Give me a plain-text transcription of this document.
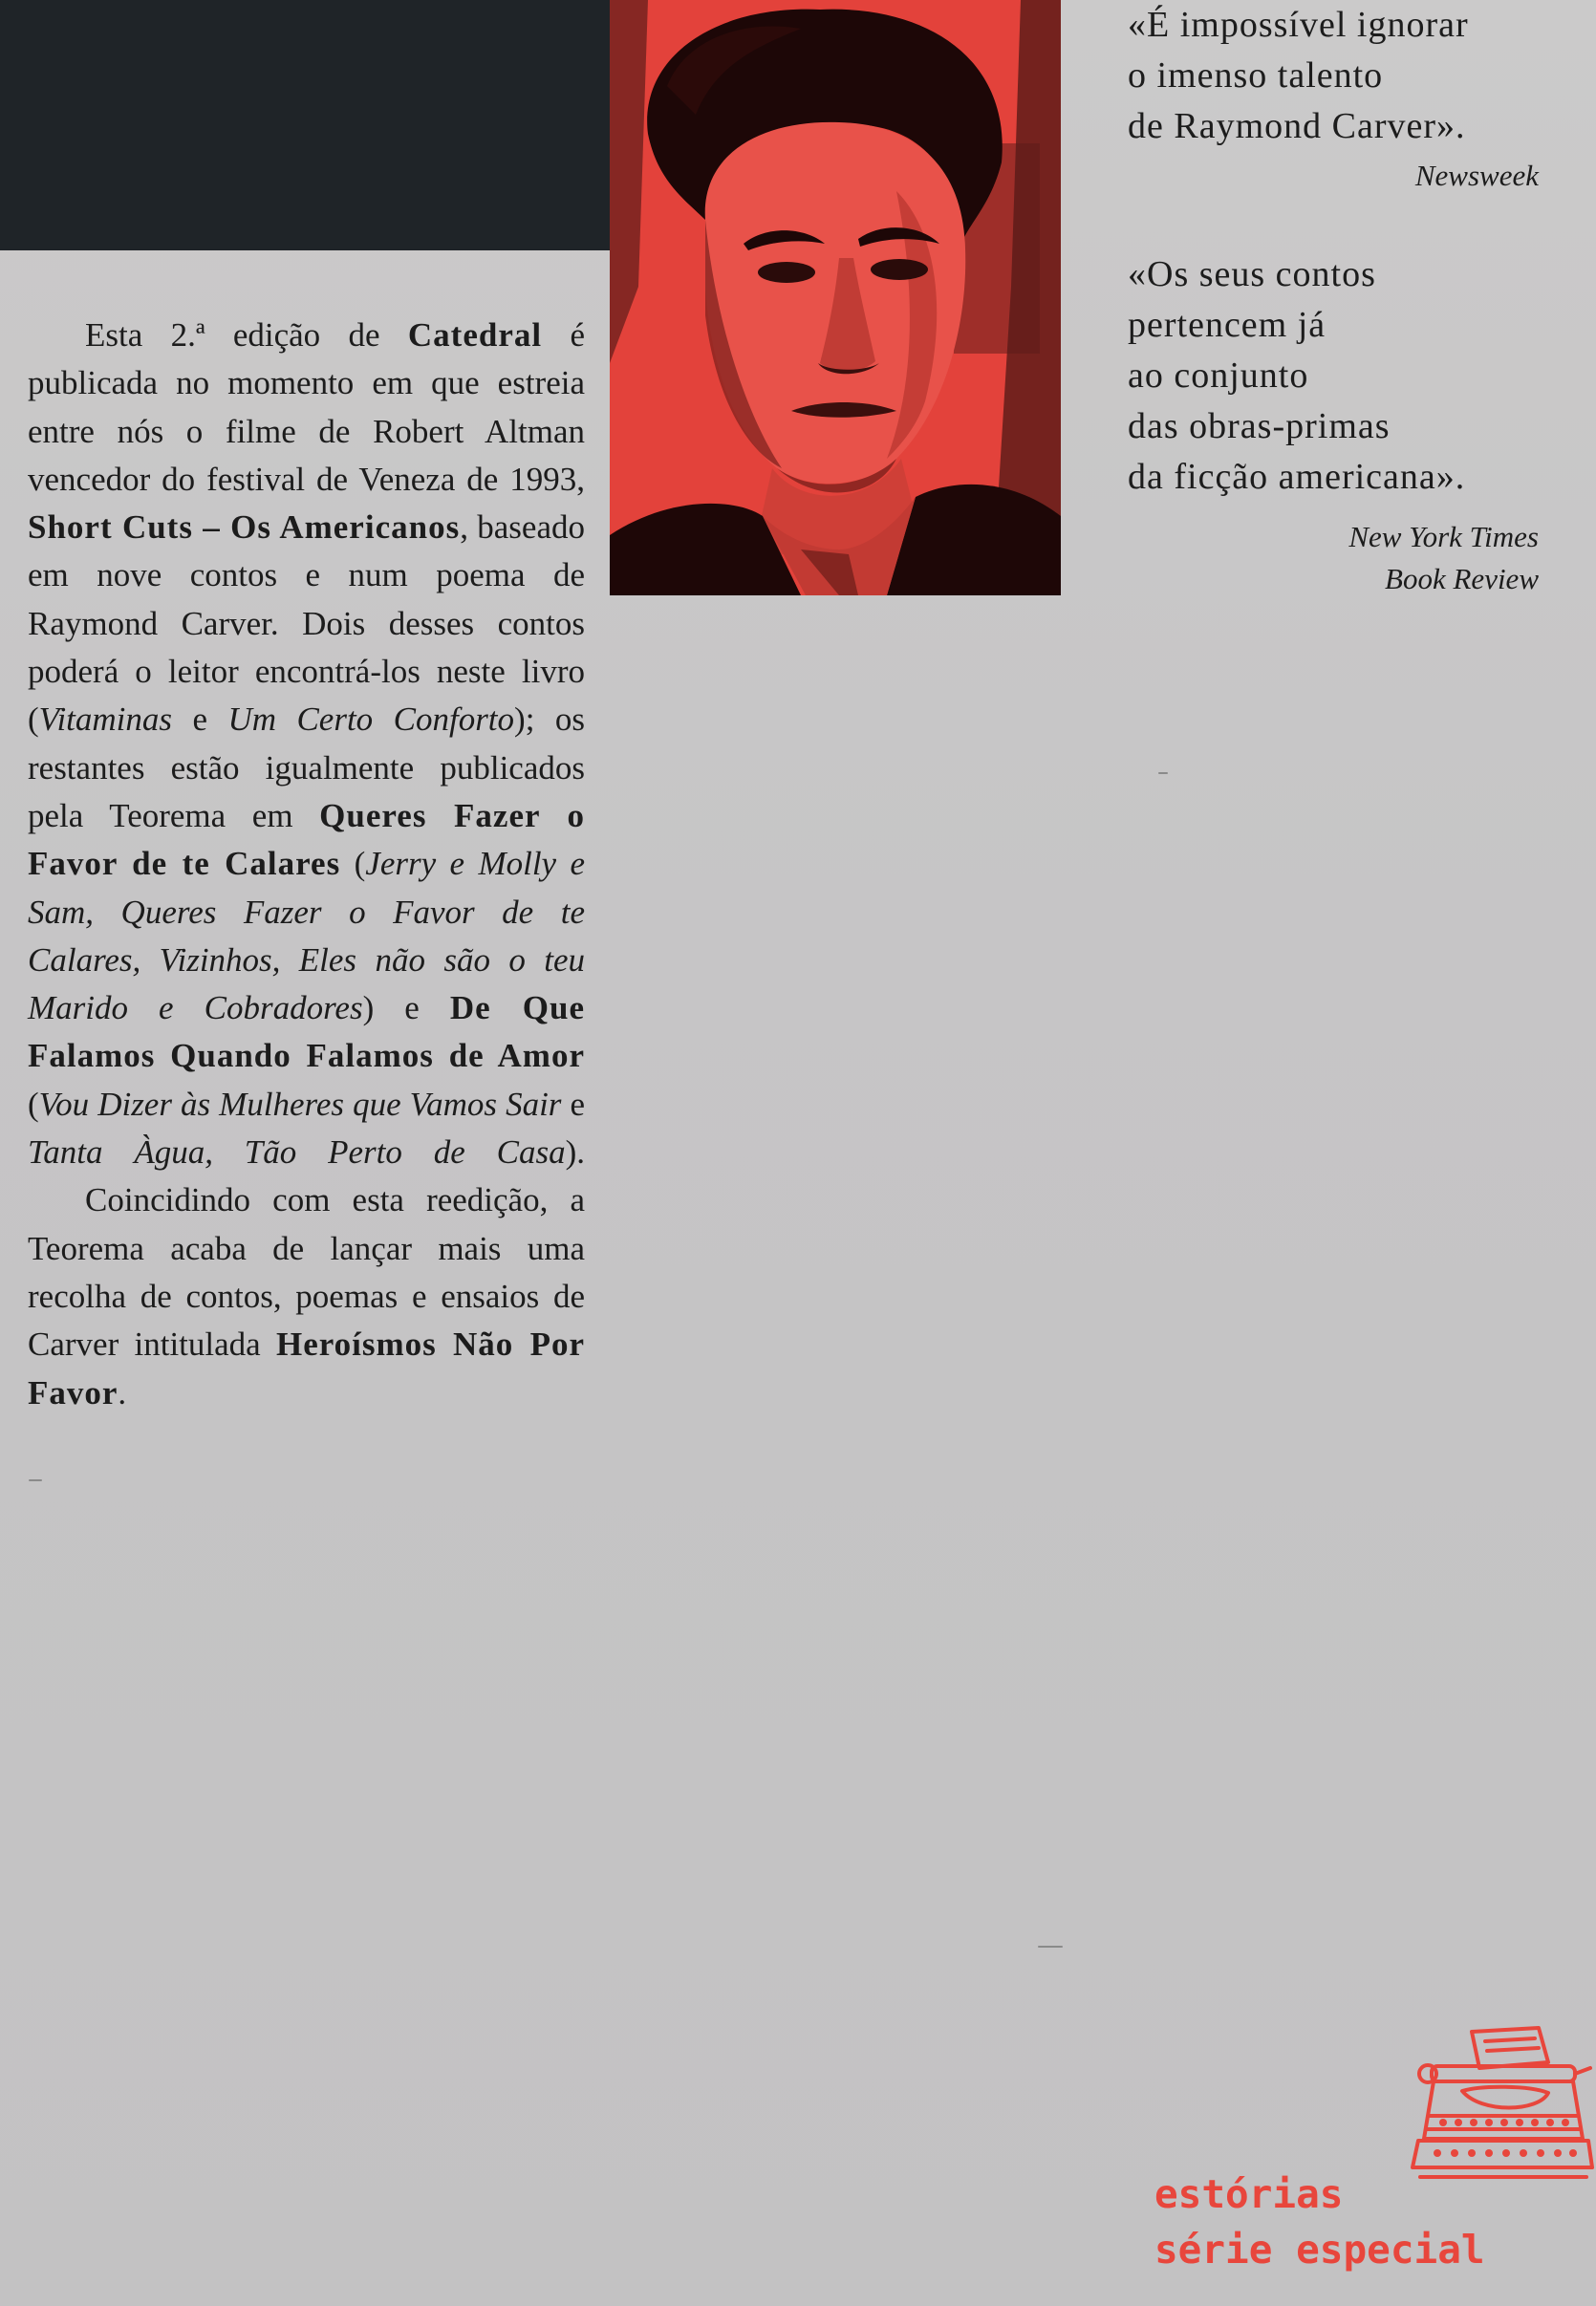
Esta 2.ª edição de Catedral é publicada no momento em que estreia entre nós o filme de Robert Altman vencedor do festival de Veneza de 1993, Short Cuts – Os Americanos, baseado em nove contos e num poema de Raymond Carver. Dois desses contos poderá o leitor encontrá-los neste livro (Vitaminas e Um Certo Conforto); os restantes estão igualmente publicados pela Teorema em Queres Fazer o Favor de te Calares (Jerry e Molly e Sam, Queres Fazer o Favor de te Calares, Vizinhos, Eles não são o teu Marido e Cobradores) e De Que Falamos Quando Falamos de Amor (Vou Dizer às Mulheres que Vamos Sair e Tanta Àgua, Tão Perto de Casa).

Coincidindo com esta reedição, a Teorema acaba de lançar mais uma recolha de contos, poemas e ensaios de Carver intitulada Heroísmos Não Por Favor.

«É impossível ignorar
o imenso talento
de Raymond Carver».
Newsweek
«Os seus contos
pertencem já
ao conjunto
das obras-primas
da ficção americana».
New York Times
Book Review
estórias
série especial
